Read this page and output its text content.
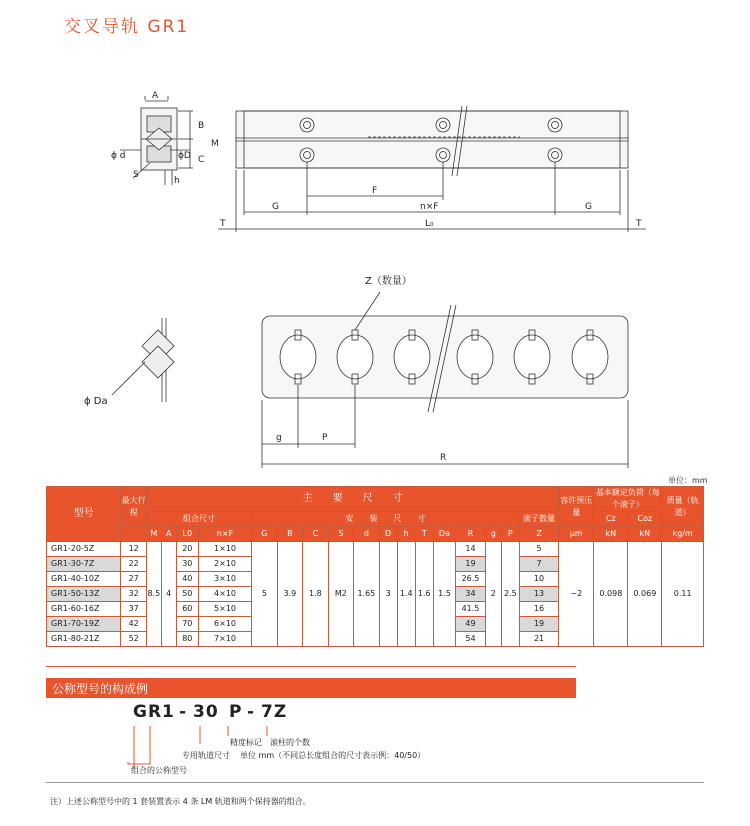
交叉导轨 GR1
A
B
M
C
ϕ d	ϕD
S
h
F
G	n×F	G
L₀
T	T
Z（数量）
ϕ Da
g	P
R
单位：mm
型号	最大行程	主　　要　　尺　　寸																	容许预压量	基本额定负荷（每个滚子）		质量（轨道）
		组合尺寸				安　　装　　尺　　寸												滚子数量		Cz	Coz	
		M	A	L0	n×F	G	B	C	S	d	D	h	T	Da	R	g	P	Z	μm	kN	kN	kg/m
GR1-20-5Z	12	8.5	4	20	1×10	5	3.9	1.8	M2	1.65	3	1.4	1.6	1.5	14	2	2.5	5	−2	0.098	0.069	0.11
GR1-30-7Z	22			30	2×10										19			7				
GR1-40-10Z	27			40	3×10										26.5			10				
GR1-50-13Z	32			50	4×10										34			13				
GR1-60-16Z	37			60	5×10										41.5			16				
GR1-70-19Z	42			70	6×10										49			19				
GR1-80-21Z	52			80	7×10										54			21				
公称型号的构成例
GR1 - 30 P - 7Z
精度标记 滚柱的个数
专用轨道尺寸 单位 mm（不同总长度组合的尺寸表示例：40/50）
组合的公称型号
注）上述公称型号中的 1 套装置表示 4 条 LM 轨道和两个保持器的组合。
